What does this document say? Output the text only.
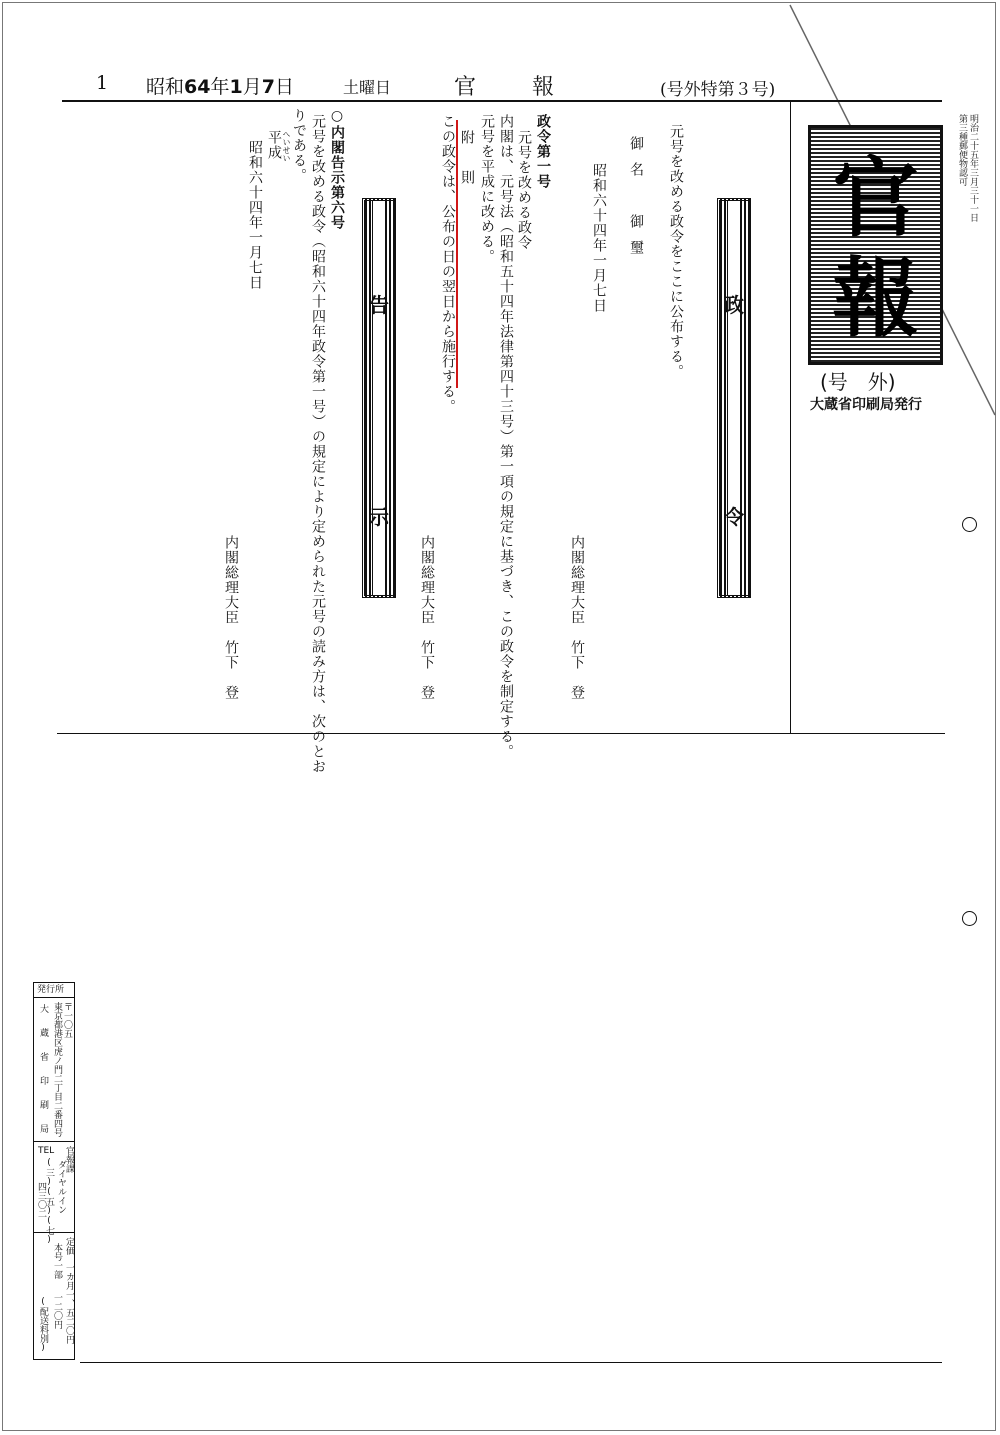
1 昭和64年1月7日	土曜日	官	報	(号外特第３号)
官
報
(号　外)
大蔵省印刷局発行
明治二十五年三月三十一日
第三種郵便物認可
政
令
元号を改める政令をここに公布する。
御名　御璽
昭和六十四年一月七日
内閣総理大臣　竹下　登
政令第一号
元号を改める政令
内閣は、元号法（昭和五十四年法律第四十三号）第一項の規定に基づき、この政令を制定する。
元号を平成に改める。
附　則
この政令は、公布の日の翌日から施行する。
内閣総理大臣　竹下　登
告
示
○内閣告示第六号
元号を改める政令（昭和六十四年政令第一号）の規定により定められた元号の読み方は、次のとお
りである。
へいせい
平成
昭和六十四年一月七日
内閣総理大臣　竹下　登
発行所
〒一〇五
東京都港区虎ノ門二丁目二番四号
大蔵省印刷局
TEL 官報課
ダイヤルイン
(三)(五)(七)
四三〇二
定価
一カ月一、五二〇円
本号一部
一二〇円
(配送料別)
